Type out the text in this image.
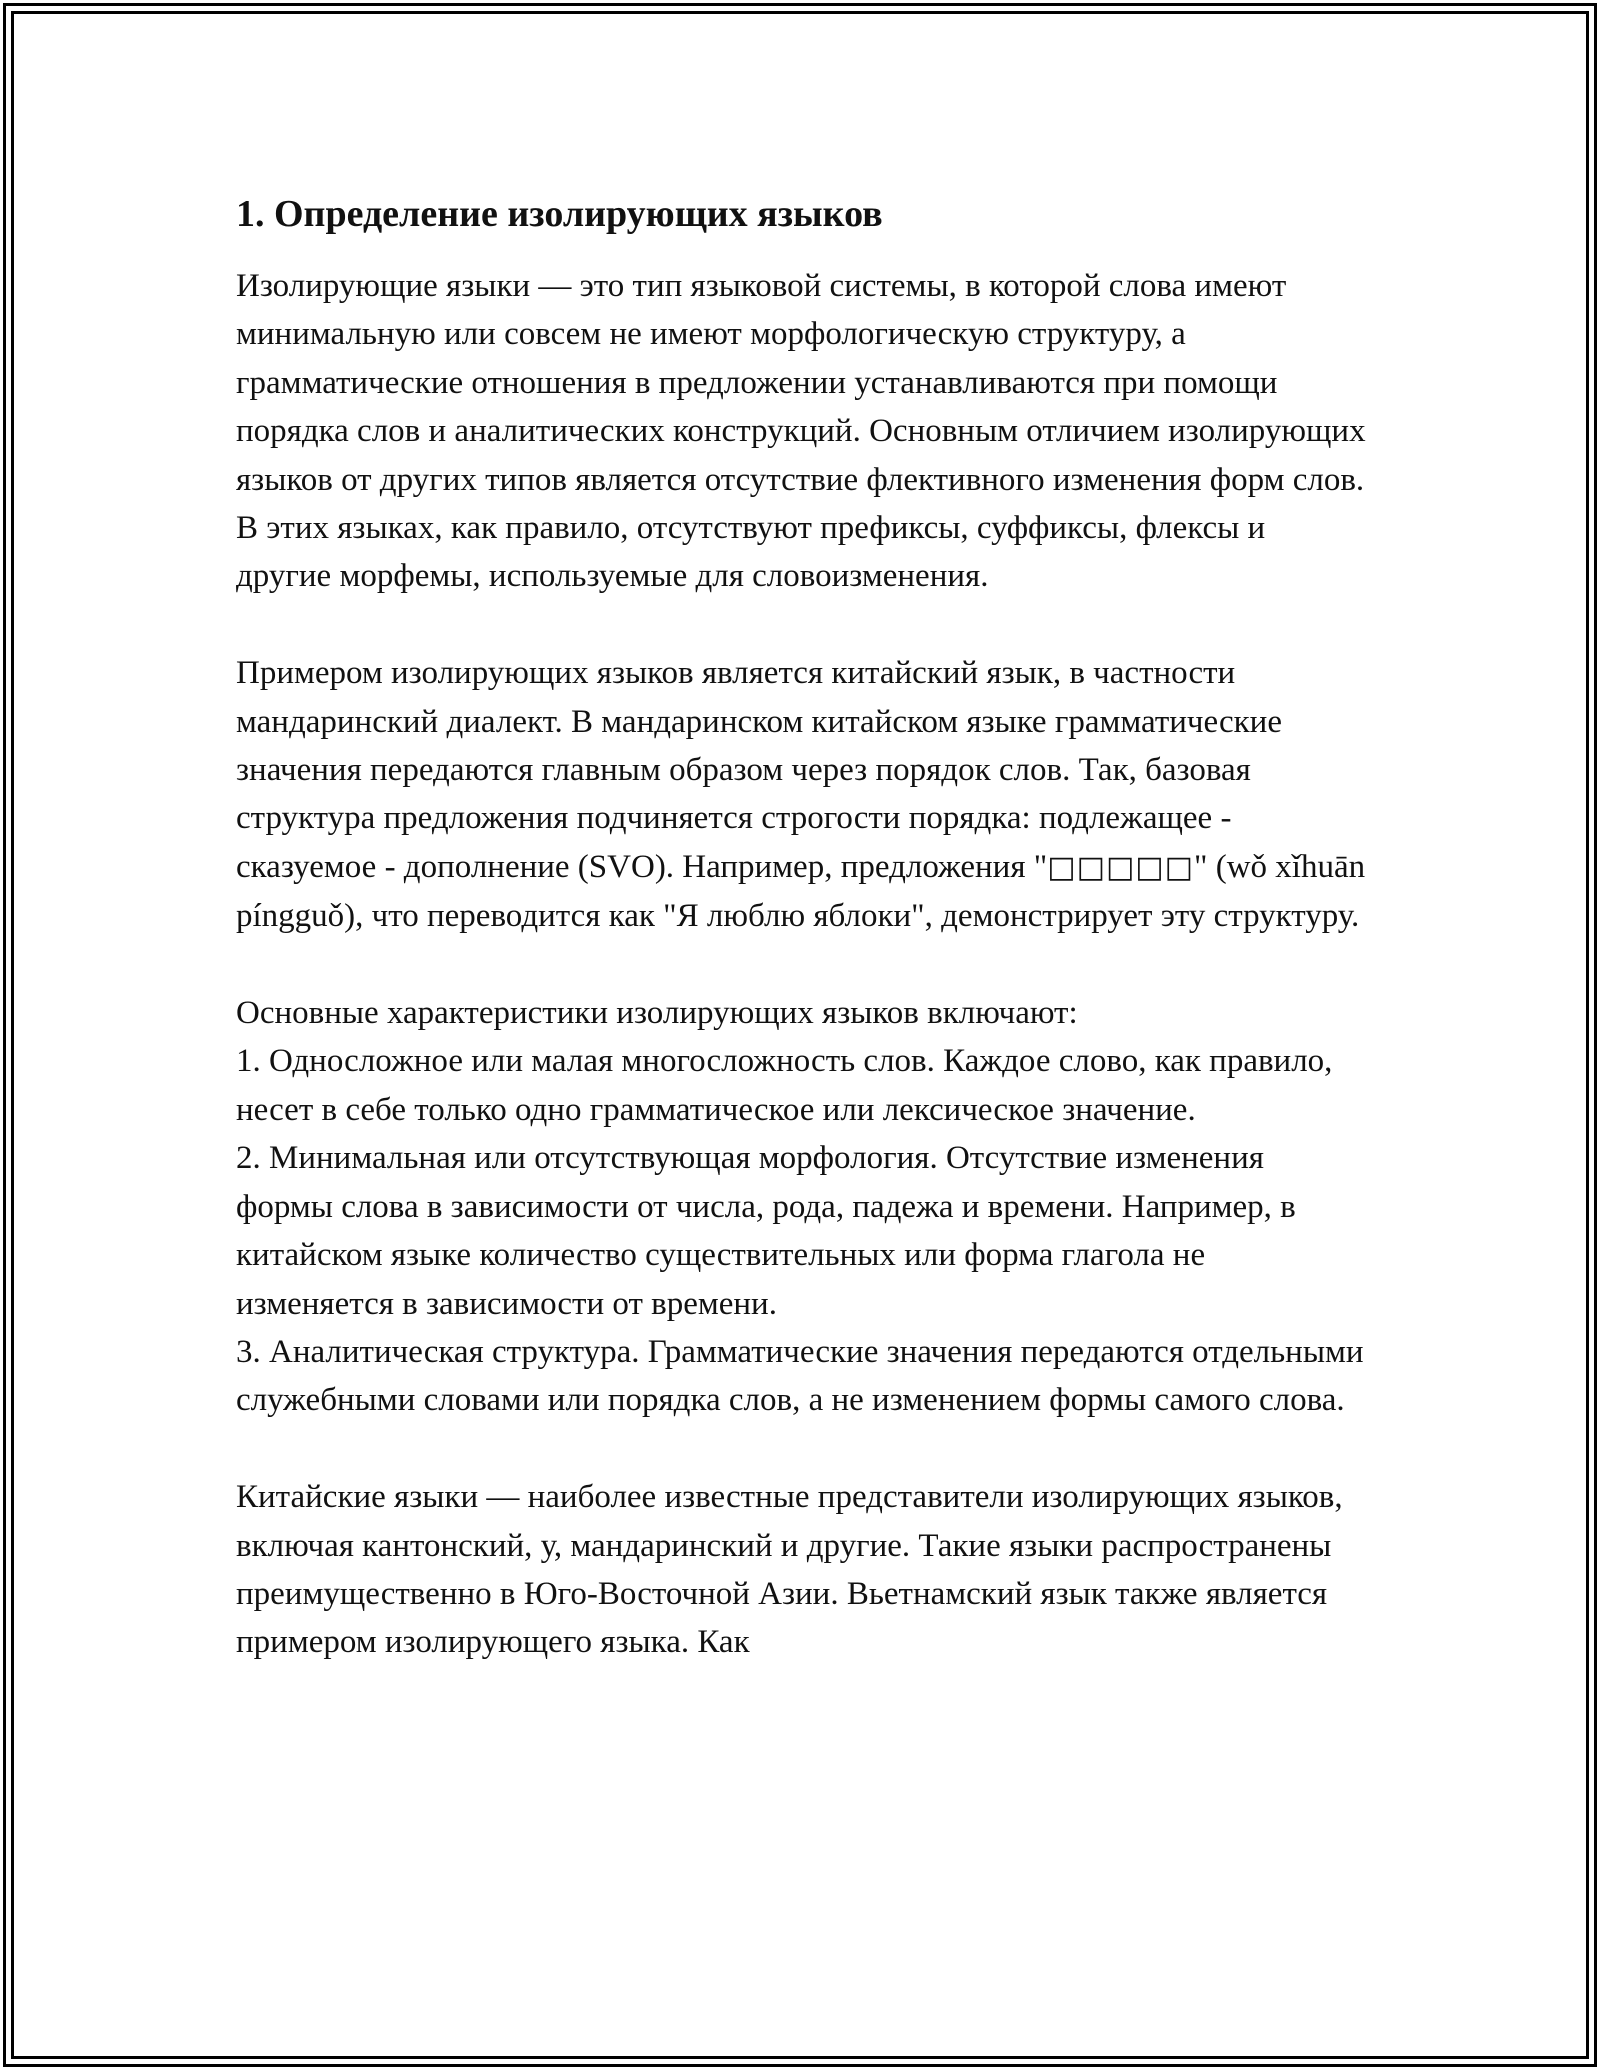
1. Определение изолирующих языков

Изолирующие языки — это тип языковой системы, в которой слова имеют минимальную или совсем не имеют морфологическую структуру, а грамматические отношения в предложении устанавливаются при помощи порядка слов и аналитических конструкций. Основным отличием изолирующих языков от других типов является отсутствие флективного изменения форм слов. В этих языках, как правило, отсутствуют префиксы, суффиксы, флексы и другие морфемы, используемые для словоизменения.

Примером изолирующих языков является китайский язык, в частности мандаринский диалект. В мандаринском китайском языке грамматические значения передаются главным образом через порядок слов. Так, базовая структура предложения подчиняется строгости порядка: подлежащее - сказуемое - дополнение (SVO). Например, предложения "□□□□□" (wǒ xǐhuān píngguǒ), что переводится как "Я люблю яблоки", демонстрирует эту структуру.

Основные характеристики изолирующих языков включают:

1. Односложное или малая многосложность слов. Каждое слово, как правило, несет в себе только одно грамматическое или лексическое значение.

2. Минимальная или отсутствующая морфология. Отсутствие изменения формы слова в зависимости от числа, рода, падежа и времени. Например, в китайском языке количество существительных или форма глагола не изменяется в зависимости от времени.

3. Аналитическая структура. Грамматические значения передаются отдельными служебными словами или порядка слов, а не изменением формы самого слова.

Китайские языки — наиболее известные представители изолирующих языков, включая кантонский, у, мандаринский и другие. Такие языки распространены преимущественно в Юго-Восточной Азии. Вьетнамский язык также является примером изолирующего языка. Как
